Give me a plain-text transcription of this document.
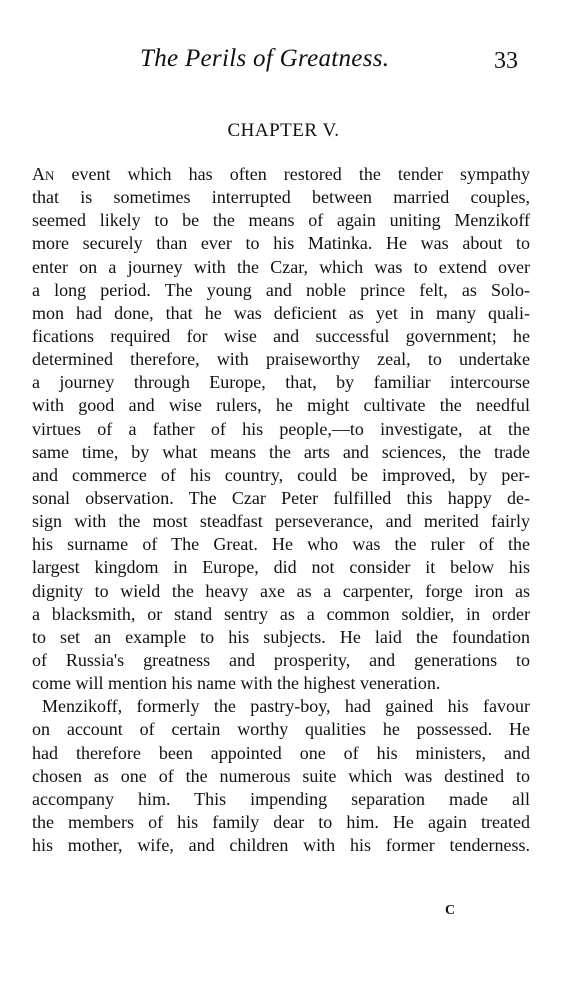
The Perils of Greatness.	33
CHAPTER V.
An event which has often restored the tender sympathy
that is sometimes interrupted between married couples,
seemed likely to be the means of again uniting Menzikoff
more securely than ever to his Matinka. He was about to
enter on a journey with the Czar, which was to extend over
a long period. The young and noble prince felt, as Solo-
mon had done, that he was deficient as yet in many quali-
fications required for wise and successful government; he
determined therefore, with praiseworthy zeal, to undertake
a journey through Europe, that, by familiar intercourse
with good and wise rulers, he might cultivate the needful
virtues of a father of his people,—to investigate, at the
same time, by what means the arts and sciences, the trade
and commerce of his country, could be improved, by per-
sonal observation. The Czar Peter fulfilled this happy de-
sign with the most steadfast perseverance, and merited fairly
his surname of The Great. He who was the ruler of the
largest kingdom in Europe, did not consider it below his
dignity to wield the heavy axe as a carpenter, forge iron as
a blacksmith, or stand sentry as a common soldier, in order
to set an example to his subjects. He laid the foundation
of Russia's greatness and prosperity, and generations to
come will mention his name with the highest veneration.
Menzikoff, formerly the pastry-boy, had gained his favour
on account of certain worthy qualities he possessed. He
had therefore been appointed one of his ministers, and
chosen as one of the numerous suite which was destined to
accompany him. This impending separation made all
the members of his family dear to him. He again treated
his mother, wife, and children with his former tenderness.
C
